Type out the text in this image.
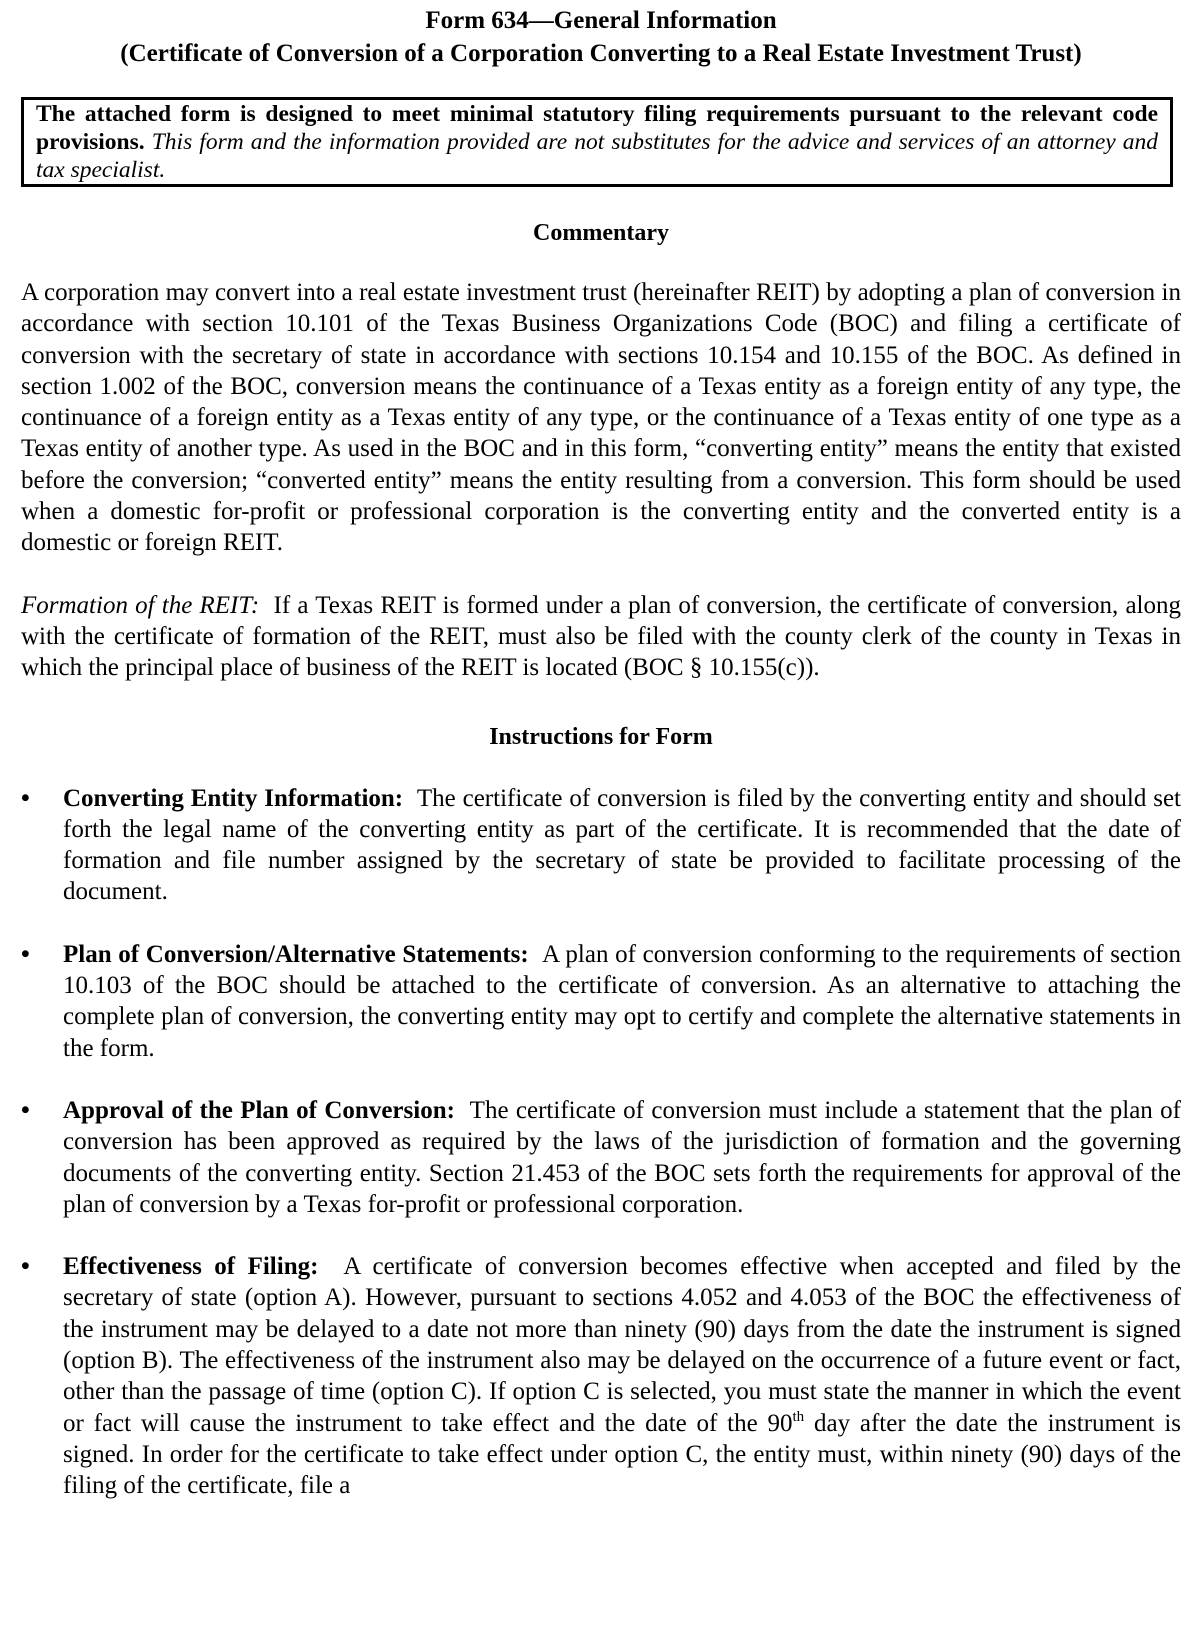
Form 634—General Information

(Certificate of Conversion of a Corporation Converting to a Real Estate Investment Trust)

The attached form is designed to meet minimal statutory filing requirements pursuant to the relevant code provisions. This form and the information provided are not substitutes for the advice and services of an attorney and tax specialist.

Commentary

A corporation may convert into a real estate investment trust (hereinafter REIT) by adopting a plan of conversion in accordance with section 10.101 of the Texas Business Organizations Code (BOC) and filing a certificate of conversion with the secretary of state in accordance with sections 10.154 and 10.155 of the BOC. As defined in section 1.002 of the BOC, conversion means the continuance of a Texas entity as a foreign entity of any type, the continuance of a foreign entity as a Texas entity of any type, or the continuance of a Texas entity of one type as a Texas entity of another type. As used in the BOC and in this form, “converting entity” means the entity that existed before the conversion; “converted entity” means the entity resulting from a conversion. This form should be used when a domestic for-profit or professional corporation is the converting entity and the converted entity is a domestic or foreign REIT.

Formation of the REIT: If a Texas REIT is formed under a plan of conversion, the certificate of conversion, along with the certificate of formation of the REIT, must also be filed with the county clerk of the county in Texas in which the principal place of business of the REIT is located (BOC § 10.155(c)).

Instructions for Form

•	Converting Entity Information: The certificate of conversion is filed by the converting entity and should set forth the legal name of the converting entity as part of the certificate. It is recommended that the date of formation and file number assigned by the secretary of state be provided to facilitate processing of the document.
•	Plan of Conversion/Alternative Statements: A plan of conversion conforming to the requirements of section 10.103 of the BOC should be attached to the certificate of conversion. As an alternative to attaching the complete plan of conversion, the converting entity may opt to certify and complete the alternative statements in the form.
•	Approval of the Plan of Conversion: The certificate of conversion must include a statement that the plan of conversion has been approved as required by the laws of the jurisdiction of formation and the governing documents of the converting entity. Section 21.453 of the BOC sets forth the requirements for approval of the plan of conversion by a Texas for-profit or professional corporation.
•	Effectiveness of Filing: A certificate of conversion becomes effective when accepted and filed by the secretary of state (option A). However, pursuant to sections 4.052 and 4.053 of the BOC the effectiveness of the instrument may be delayed to a date not more than ninety (90) days from the date the instrument is signed (option B). The effectiveness of the instrument also may be delayed on the occurrence of a future event or fact, other than the passage of time (option C). If option C is selected, you must state the manner in which the event or fact will cause the instrument to take effect and the date of the 90th day after the date the instrument is signed. In order for the certificate to take effect under option C, the entity must, within ninety (90) days of the filing of the certificate, file a
